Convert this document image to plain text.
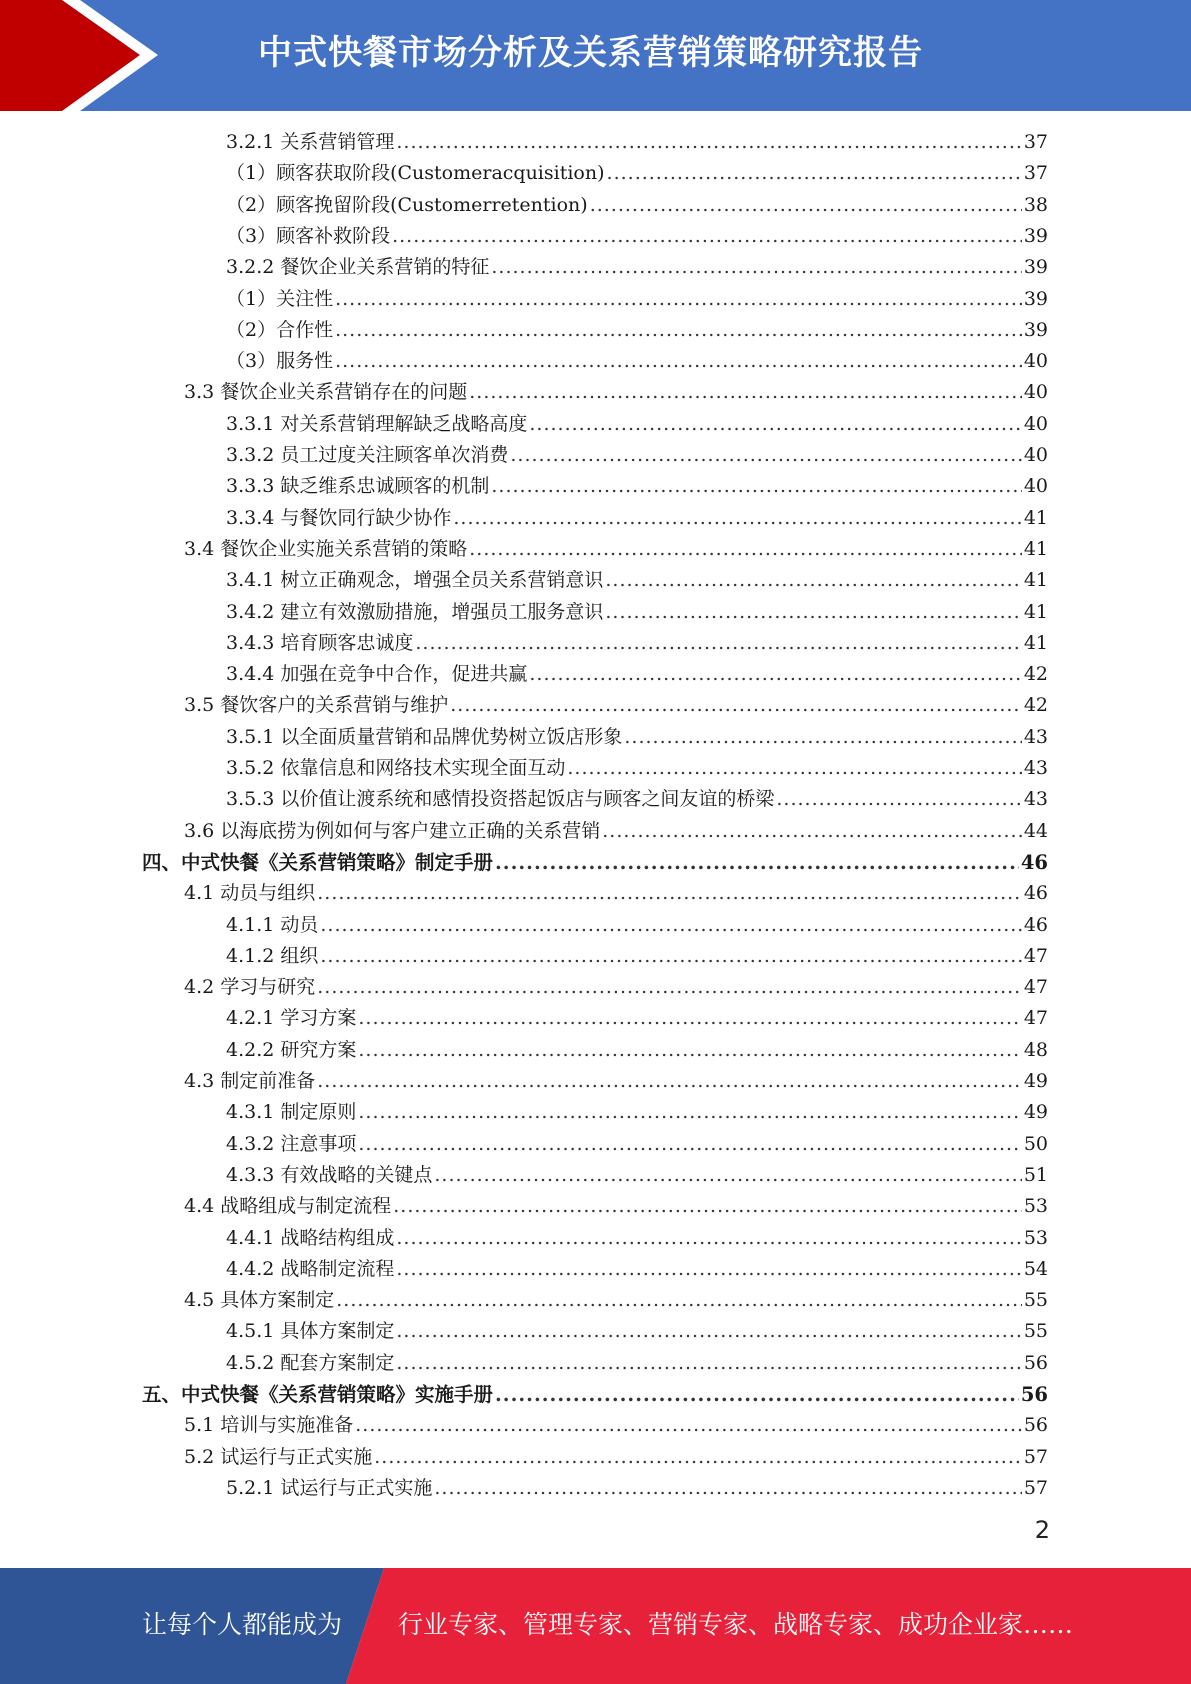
中式快餐市场分析及关系营销策略研究报告
3.2.1 关系营销管理 .....	37
（1）顾客获取阶段(Customeracquisition) .....	37
（2）顾客挽留阶段(Customerretention) .....	38
（3）顾客补救阶段 .....	39
3.2.2 餐饮企业关系营销的特征 .....	39
（1）关注性 .....	39
（2）合作性 .....	39
（3）服务性 .....	40
3.3 餐饮企业关系营销存在的问题 .....	40
3.3.1 对关系营销理解缺乏战略高度 .....	40
3.3.2 员工过度关注顾客单次消费 .....	40
3.3.3 缺乏维系忠诚顾客的机制 .....	40
3.3.4 与餐饮同行缺少协作 .....	41
3.4 餐饮企业实施关系营销的策略 .....	41
3.4.1 树立正确观念，增强全员关系营销意识 .....	41
3.4.2 建立有效激励措施，增强员工服务意识 .....	41
3.4.3 培育顾客忠诚度 .....	41
3.4.4 加强在竞争中合作，促进共赢 .....	42
3.5 餐饮客户的关系营销与维护 .....	42
3.5.1 以全面质量营销和品牌优势树立饭店形象 .....	43
3.5.2 依靠信息和网络技术实现全面互动 .....	43
3.5.3 以价值让渡系统和感情投资搭起饭店与顾客之间友谊的桥梁 .....	43
3.6 以海底捞为例如何与客户建立正确的关系营销 .....	44
四、中式快餐《关系营销策略》制定手册 .....	46
4.1 动员与组织 .....	46
4.1.1 动员 .....	46
4.1.2 组织 .....	47
4.2 学习与研究 .....	47
4.2.1 学习方案 .....	47
4.2.2 研究方案 .....	48
4.3 制定前准备 .....	49
4.3.1 制定原则 .....	49
4.3.2 注意事项 .....	50
4.3.3 有效战略的关键点 .....	51
4.4 战略组成与制定流程 .....	53
4.4.1 战略结构组成 .....	53
4.4.2 战略制定流程 .....	54
4.5 具体方案制定 .....	55
4.5.1 具体方案制定 .....	55
4.5.2 配套方案制定 .....	56
五、中式快餐《关系营销策略》实施手册 .....	56
5.1 培训与实施准备 .....	56
5.2 试运行与正式实施 .....	57
5.2.1 试运行与正式实施 .....	57
2
让每个人都能成为 行业专家、管理专家、营销专家、战略专家、成功企业家……
